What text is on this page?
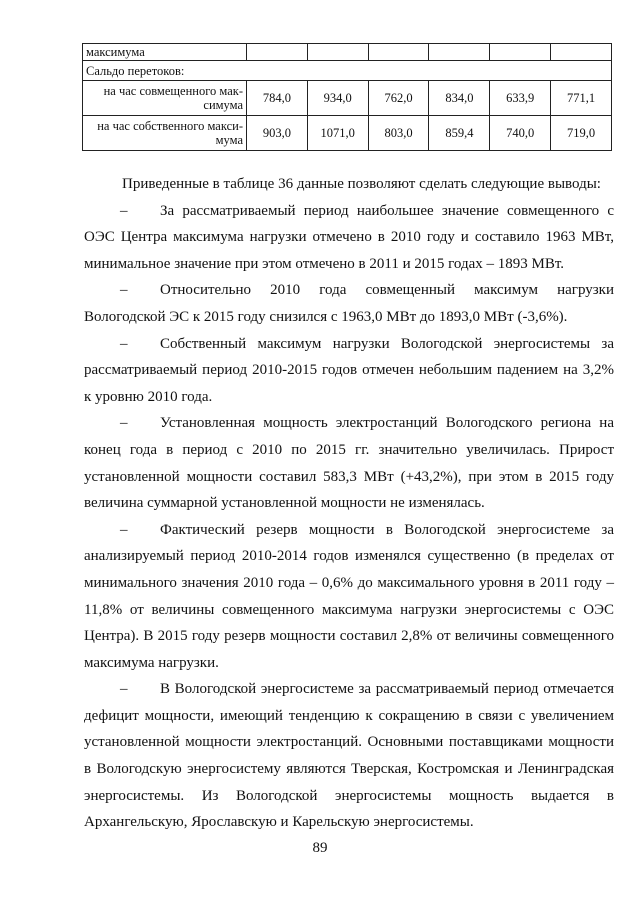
максимума						
Сальдо перетоков:						

на час совмещенного мак-
симума	784,0	934,0	762,0	834,0	633,9	771,1

на час собственного макси-
мума	903,0	1071,0	803,0	859,4	740,0	719,0

Приведенные в таблице 36 данные позволяют сделать следующие выводы:

– За рассматриваемый период наибольшее значение совмещенного с ОЭС Центра максимума нагрузки отмечено в 2010 году и составило 1963 МВт, минимальное значение при этом отмечено в 2011 и 2015 годах – 1893 МВт.

– Относительно 2010 года совмещенный максимум нагрузки Вологодской ЭС к 2015 году снизился с 1963,0 МВт до 1893,0 МВт (-3,6%).

– Собственный максимум нагрузки Вологодской энергосистемы за рассматриваемый период 2010-2015 годов отмечен небольшим падением на 3,2% к уровню 2010 года.

– Установленная мощность электростанций Вологодского региона на конец года в период с 2010 по 2015 гг. значительно увеличилась. Прирост установленной мощности составил 583,3 МВт (+43,2%), при этом в 2015 году величина суммарной установленной мощности не изменялась.

– Фактический резерв мощности в Вологодской энергосистеме за анализируемый период 2010-2014 годов изменялся существенно (в пределах от минимального значения 2010 года – 0,6% до максимального уровня в 2011 году – 11,8% от величины совмещенного максимума нагрузки энергосистемы с ОЭС Центра). В 2015 году резерв мощности составил 2,8% от величины совмещенного максимума нагрузки.

– В Вологодской энергосистеме за рассматриваемый период отмечается дефицит мощности, имеющий тенденцию к сокращению в связи с увеличением установленной мощности электростанций. Основными поставщиками мощности в Вологодскую энергосистему являются Тверская, Костромская и Ленинградская энергосистемы. Из Вологодской энергосистемы мощность выдается в Архангельскую, Ярославскую и Карельскую энергосистемы.

89
